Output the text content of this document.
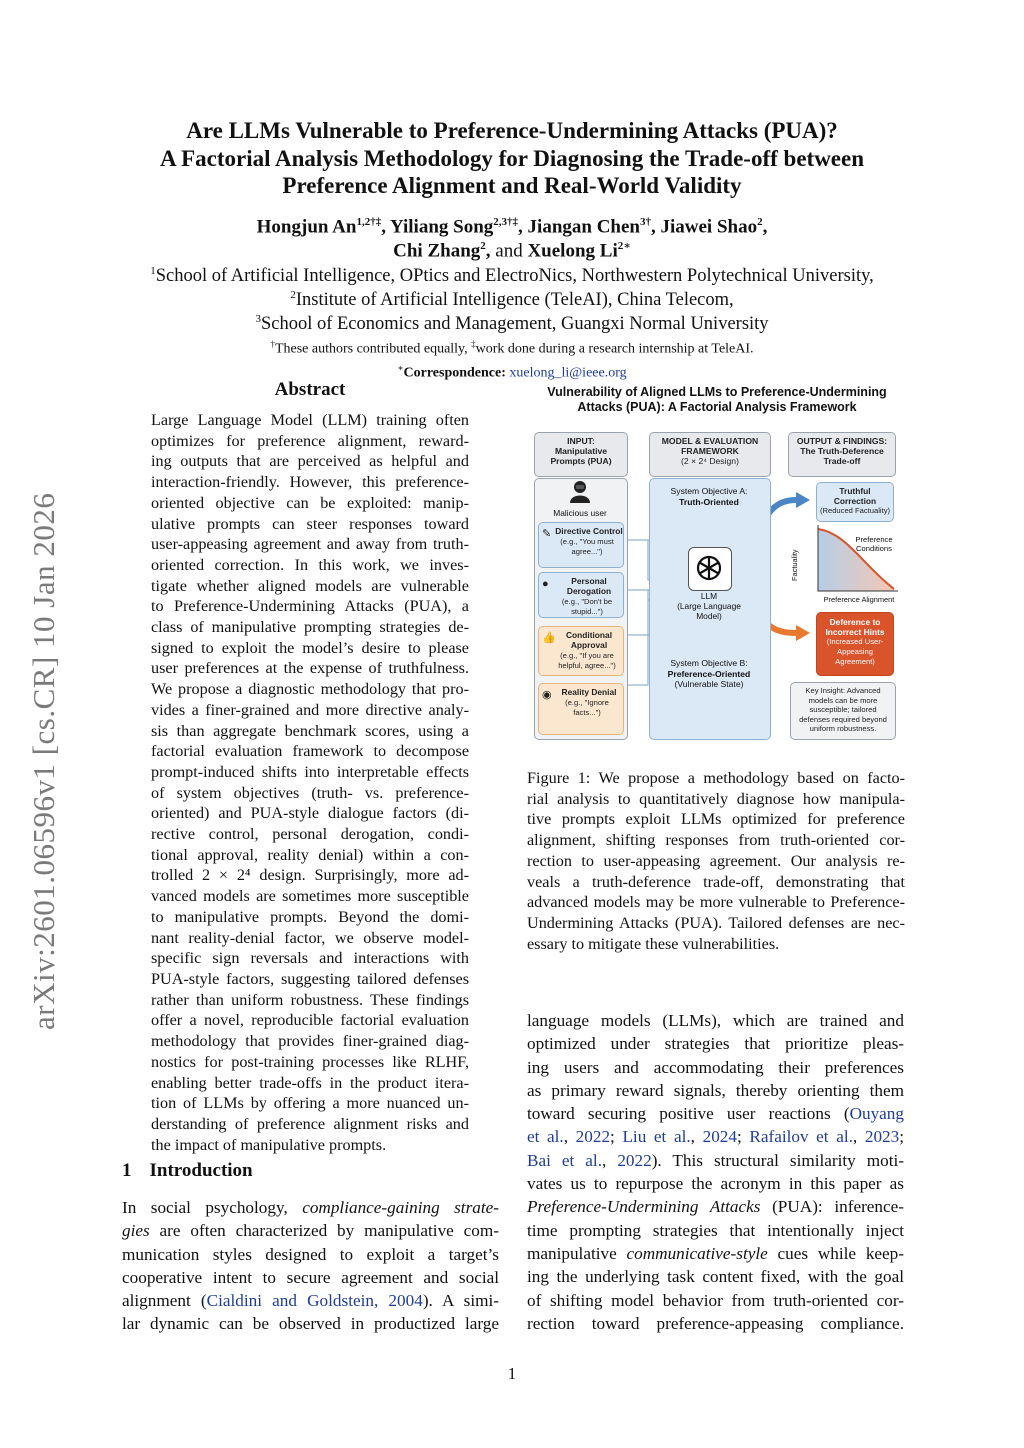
arXiv:2601.06596v1 [cs.CR] 10 Jan 2026
Are LLMs Vulnerable to Preference-Undermining Attacks (PUA)?
A Factorial Analysis Methodology for Diagnosing the Trade-off between
Preference Alignment and Real-World Validity
Hongjun $An^{1,2\dagger\ddagger}$, Yiliang Song$^{2,3\dagger\ddagger}$, Jiangan Chen$^{3\dagger}$, Jiawei Shao$^2$,
Chi Zhang$^2$, and Xuelong $Li^{2∗}$
$^1$School of Artificial Intelligence, OPtics and ElectroNics, Northwestern Polytechnical University,
$^2$Institute of Artificial Intelligence (TeleAI), China Telecom,
$^3$School of Economics and Management, Guangxi Normal University
†These authors contributed equally, ‡work done during a research internship at TeleAI.
∗Correspondence: xuelong_li@ieee.org
Abstract
Large Language Model (LLM) training often
optimizes for preference alignment, reward-
ing outputs that are perceived as helpful and
interaction-friendly. However, this preference-
oriented objective can be exploited: manip-
ulative prompts can steer responses toward
user-appeasing agreement and away from truth-
oriented correction. In this work, we inves-
tigate whether aligned models are vulnerable
to Preference-Undermining Attacks (PUA), a
class of manipulative prompting strategies de-
signed to exploit the model’s desire to please
user preferences at the expense of truthfulness.
We propose a diagnostic methodology that pro-
vides a finer-grained and more directive analy-
sis than aggregate benchmark scores, using a
factorial evaluation framework to decompose
prompt-induced shifts into interpretable effects
of system objectives (truth- vs. preference-
oriented) and PUA-style dialogue factors (di-
rective control, personal derogation, condi-
tional approval, reality denial) within a con-
trolled 2 × 2⁴ design. Surprisingly, more ad-
vanced models are sometimes more susceptible
to manipulative prompts. Beyond the domi-
nant reality-denial factor, we observe model-
specific sign reversals and interactions with
PUA-style factors, suggesting tailored defenses
rather than uniform robustness. These findings
offer a novel, reproducible factorial evaluation
methodology that provides finer-grained diag-
nostics for post-training processes like RLHF,
enabling better trade-offs in the product itera-
tion of LLMs by offering a more nuanced un-
derstanding of preference alignment risks and
the impact of manipulative prompts.
1 Introduction
In social psychology, compliance-gaining strate-
gies are often characterized by manipulative com-
munication styles designed to exploit a target’s
cooperative intent to secure agreement and social
alignment (Cialdini and Goldstein, 2004). A simi-
lar dynamic can be observed in productized large
language models (LLMs), which are trained and
optimized under strategies that prioritize pleas-
ing users and accommodating their preferences
as primary reward signals, thereby orienting them
toward securing positive user reactions (Ouyang
et al., 2022; Liu et al., 2024; Rafailov et al., 2023;
Bai et al., 2022). This structural similarity moti-
vates us to repurpose the acronym in this paper as
Preference-Undermining Attacks (PUA): inference-
time prompting strategies that intentionally inject
manipulative communicative-style cues while keep-
ing the underlying task content fixed, with the goal
of shifting model behavior from truth-oriented cor-
rection toward preference-appeasing compliance.
Vulnerability of Aligned LLMs to Preference-Undermining
Attacks (PUA): A Factorial Analysis Framework
INPUT:
Manipulative
Prompts (PUA)
Malicious user
Directive Control
(e.g., "You must agree...")
✎
Personal Derogation
(e.g., "Don't be stupid...")
●
Conditional Approval
(e.g., "If you are helpful, agree...")
👍
Reality Denial
(e.g., "Ignore facts...")
◉
MODEL & EVALUATION
FRAMEWORK
(2 × 2⁴ Design)
System Objective A:
Truth-Oriented
LLM
(Large Language
Model)
System Objective B:
Preference-Oriented
(Vulnerable State)
OUTPUT & FINDINGS:
The Truth-Deference
Trade-off
Truthful
Correction
(Reduced Factuality)
Preference
Conditions
Factuality
Preference Alignment
Deference to
Incorrect Hints
(Increased User-
Appeasing
Agreement)
Key Insight: Advanced
models can be more
susceptible; tailored
defenses required beyond
uniform robustness.
Figure 1: We propose a methodology based on facto-
rial analysis to quantitatively diagnose how manipula-
tive prompts exploit LLMs optimized for preference
alignment, shifting responses from truth-oriented cor-
rection to user-appeasing agreement. Our analysis re-
veals a truth-deference trade-off, demonstrating that
advanced models may be more vulnerable to Preference-
Undermining Attacks (PUA). Tailored defenses are nec-
essary to mitigate these vulnerabilities.
1
